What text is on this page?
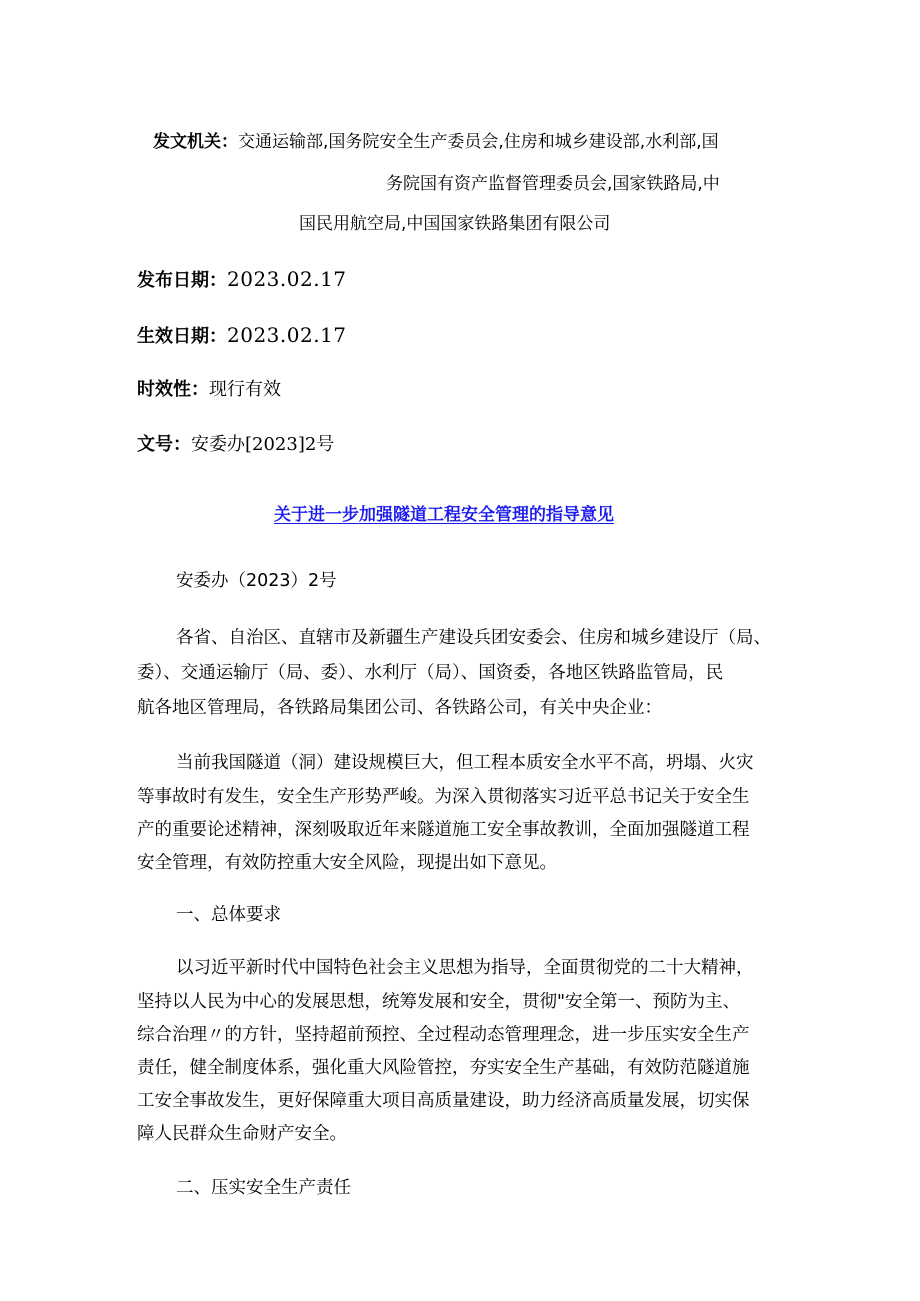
发文机关：交通运输部,国务院安全生产委员会,住房和城乡建设部,水利部,国
务院国有资产监督管理委员会,国家铁路局,中
国民用航空局,中国国家铁路集团有限公司
发布日期：2023.02.17
生效日期：2023.02.17
时效性：现行有效
文号：安委办[2023]2号
关于进一步加强隧道工程安全管理的指导意见
安委办（2023）2号
各省、自治区、直辖市及新疆生产建设兵团安委会、住房和城乡建设厅（局、
委）、交通运输厅（局、委）、水利厅（局）、国资委，各地区铁路监管局，民
航各地区管理局，各铁路局集团公司、各铁路公司，有关中央企业：
当前我国隧道（洞）建设规模巨大，但工程本质安全水平不高，坍塌、火灾
等事故时有发生，安全生产形势严峻。为深入贯彻落实习近平总书记关于安全生
产的重要论述精神，深刻吸取近年来隧道施工安全事故教训，全面加强隧道工程
安全管理，有效防控重大安全风险，现提出如下意见。
一、总体要求
以习近平新时代中国特色社会主义思想为指导，全面贯彻党的二十大精神，
坚持以人民为中心的发展思想，统筹发展和安全，贯彻"安全第一、预防为主、
综合治理〃的方针，坚持超前预控、全过程动态管理理念，进一步压实安全生产
责任，健全制度体系，强化重大风险管控，夯实安全生产基础，有效防范隧道施
工安全事故发生，更好保障重大项目高质量建设，助力经济高质量发展，切实保
障人民群众生命财产安全。
二、压实安全生产责任
